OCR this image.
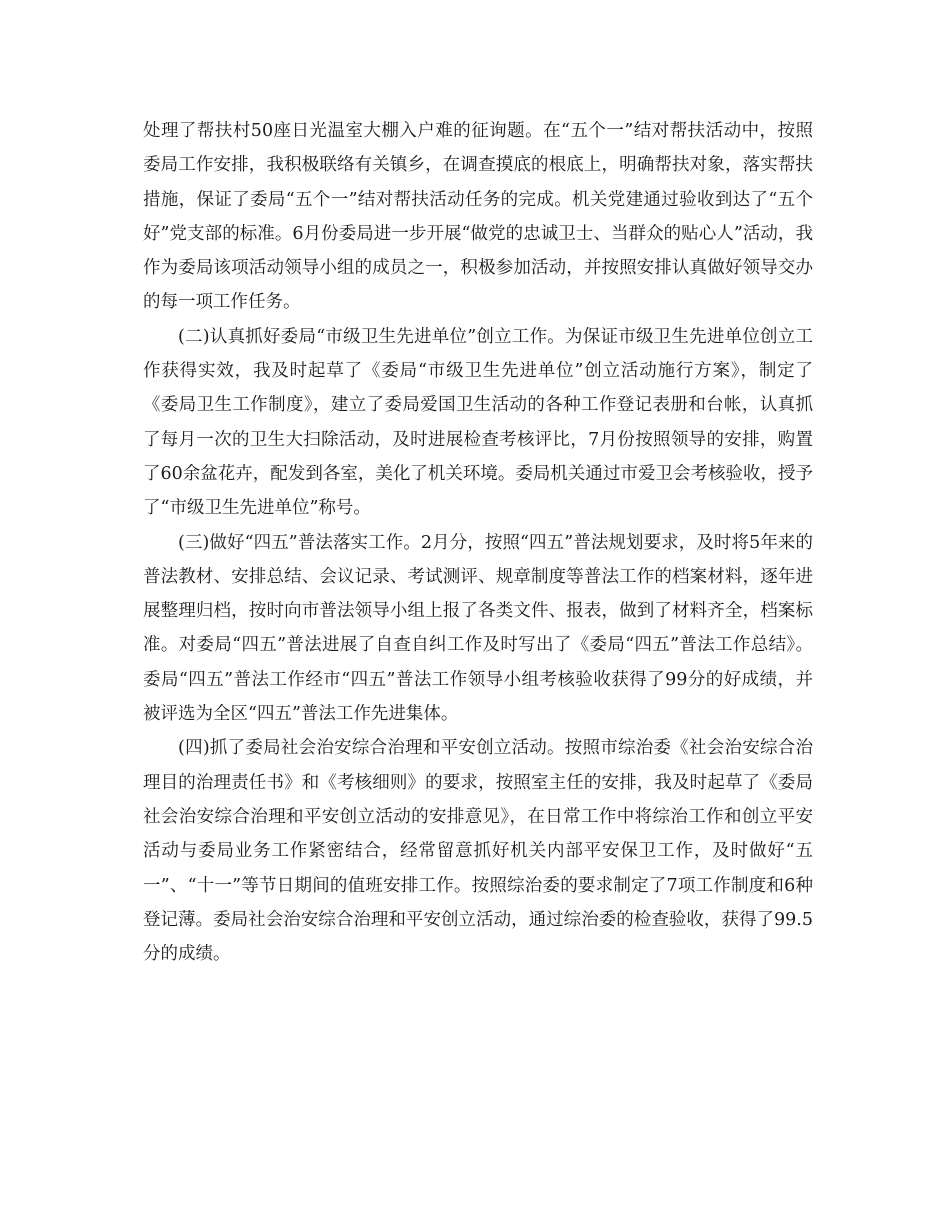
处理了帮扶村50座日光温室大棚入户难的征询题。在“五个一”结对帮扶活动中，按照委局工作安排，我积极联络有关镇乡，在调查摸底的根底上，明确帮扶对象，落实帮扶措施，保证了委局“五个一”结对帮扶活动任务的完成。机关党建通过验收到达了“五个好”党支部的标准。6月份委局进一步开展“做党的忠诚卫士、当群众的贴心人”活动，我作为委局该项活动领导小组的成员之一，积极参加活动，并按照安排认真做好领导交办的每一项工作任务。

(二)认真抓好委局“市级卫生先进单位”创立工作。为保证市级卫生先进单位创立工作获得实效，我及时起草了《委局“市级卫生先进单位”创立活动施行方案》，制定了《委局卫生工作制度》，建立了委局爱国卫生活动的各种工作登记表册和台帐，认真抓了每月一次的卫生大扫除活动，及时进展检查考核评比，7月份按照领导的安排，购置了60余盆花卉，配发到各室，美化了机关环境。委局机关通过市爱卫会考核验收，授予了“市级卫生先进单位”称号。

(三)做好“四五”普法落实工作。2月分，按照“四五”普法规划要求，及时将5年来的普法教材、安排总结、会议记录、考试测评、规章制度等普法工作的档案材料，逐年进展整理归档，按时向市普法领导小组上报了各类文件、报表，做到了材料齐全，档案标准。对委局“四五”普法进展了自查自纠工作及时写出了《委局“四五”普法工作总结》。委局“四五”普法工作经市“四五”普法工作领导小组考核验收获得了99分的好成绩，并被评选为全区“四五”普法工作先进集体。

(四)抓了委局社会治安综合治理和平安创立活动。按照市综治委《社会治安综合治理目的治理责任书》和《考核细则》的要求，按照室主任的安排，我及时起草了《委局社会治安综合治理和平安创立活动的安排意见》，在日常工作中将综治工作和创立平安活动与委局业务工作紧密结合，经常留意抓好机关内部平安保卫工作，及时做好“五一”、“十一”等节日期间的值班安排工作。按照综治委的要求制定了7项工作制度和6种登记薄。委局社会治安综合治理和平安创立活动，通过综治委的检查验收，获得了99.5分的成绩。
